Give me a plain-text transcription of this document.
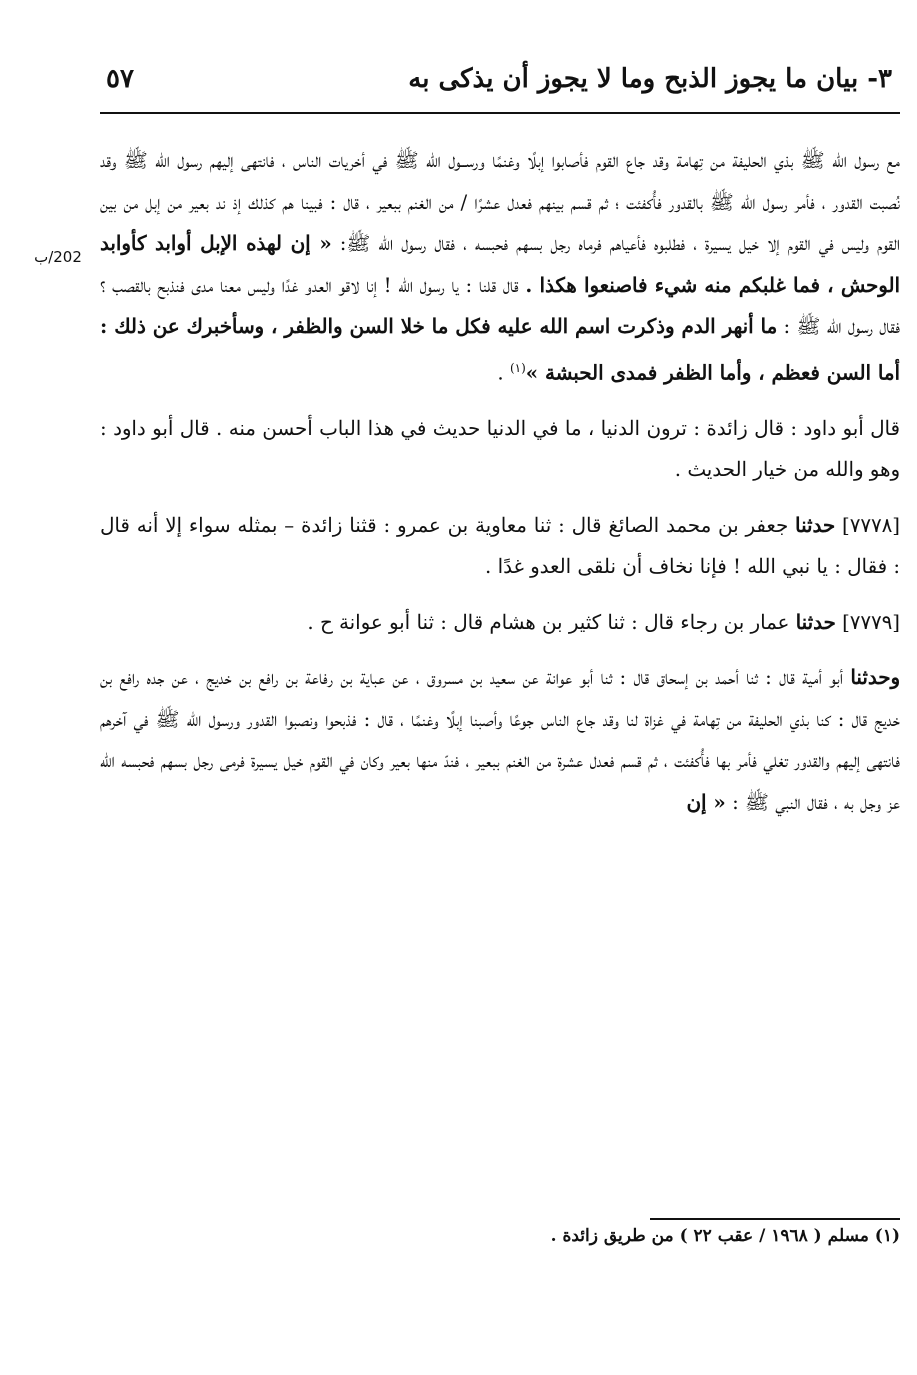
٣- بيان ما يجوز الذبح وما لا يجوز أن يذكى به
٥٧
202/ب

مع رسول الله ﷺ بذي الحليفة من تِهامة وقد جاع القوم فأصابوا إبلًا وغنمًا ورســول الله ﷺ في أخريات الناس ، فانتهى إليهم رسول الله ﷺ وقد نُصبت القدور ، فأمر رسول الله ﷺ بالقدور فأُكفئت ؛ ثم قسم بينهم فعدل عشرًا / من الغنم ببعير ، قال : فبينا هم كذلك إذ ند بعير من إبل من بين القوم وليس في القوم إلا خيل يسيرة ، فطلبوه فأعياهم فرماه رجل بسهم فحبسه ، فقال رسول الله ﷺ: « إن لهذه الإبل أوابد كأوابد الوحش ، فما غلبكم منه شيء فاصنعوا هكذا . قال قلنا : يا رسول الله ! إنا لاقو العدو غدًا وليس معنا مدى فنذبح بالقصب ؟ فقال رسول الله ﷺ : ما أنهر الدم وذكرت اسم الله عليه فكل ما خلا السن والظفر ، وسأخبرك عن ذلك : أما السن فعظم ، وأما الظفر فمدى الحبشة »$^{(١)}$ .

قال أبو داود : قال زائدة : ترون الدنيا ، ما في الدنيا حديث في هذا الباب أحسن منه . قال أبو داود : وهو والله من خيار الحديث .

[٧٧٧٨] حدثنا جعفر بن محمد الصائغ قال : ثنا معاوية بن عمرو : قثنا زائدة – بمثله سواء إلا أنه قال : فقال : يا نبي الله ! فإنا نخاف أن نلقى العدو غدًا .

[٧٧٧٩] حدثنا عمار بن رجاء قال : ثنا كثير بن هشام قال : ثنا أبو عوانة ح .

وحدثنا أبو أمية قال : ثنا أحمد بن إسحاق قال : ثنا أبو عوانة عن سعيد بن مسروق ، عن عباية بن رفاعة بن رافع بن خديج ، عن جده رافع بن خديج قال : كنا بذي الحليفة من تِهامة في غزاة لنا وقد جاع الناس جوعًا وأصبنا إبلًا وغنمًا ، قال : فذبحوا ونصبوا القدور ورسول الله ﷺ في آخرهم فانتهى إليهم والقدور تغلي فأمر بها فأُكفئت ، ثم قسم فعدل عشرة من الغنم ببعير ، فندّ منها بعير وكان في القوم خيل يسيرة فرمى رجل بسهم فحبسه الله عز وجل به ، فقال النبي ﷺ : « إن

(١) مسلم ( ١٩٦٨ / عقب ٢٢ ) من طريق زائدة .
